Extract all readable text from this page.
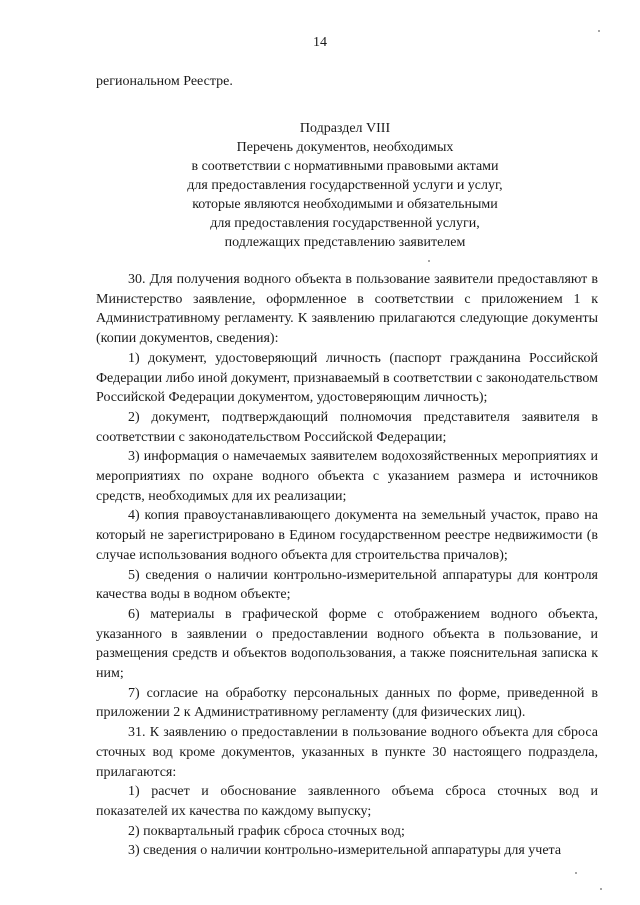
14
региональном Реестре.
Подраздел VIII
Перечень документов, необходимых
в соответствии с нормативными правовыми актами
для предоставления государственной услуги и услуг,
которые являются необходимыми и обязательными
для предоставления государственной услуги,
подлежащих представлению заявителем

30. Для получения водного объекта в пользование заявители предоставляют в Министерство заявление, оформленное в соответствии с приложением 1 к Административному регламенту. К заявлению прилагаются следующие документы (копии документов, сведения):

1) документ, удостоверяющий личность (паспорт гражданина Российской Федерации либо иной документ, признаваемый в соответствии с законодательством Российской Федерации документом, удостоверяющим личность);

2) документ, подтверждающий полномочия представителя заявителя в соответствии с законодательством Российской Федерации;

3) информация о намечаемых заявителем водохозяйственных мероприятиях и мероприятиях по охране водного объекта с указанием размера и источников средств, необходимых для их реализации;

4) копия правоустанавливающего документа на земельный участок, право на который не зарегистрировано в Едином государственном реестре недвижимости (в случае использования водного объекта для строительства причалов);

5) сведения о наличии контрольно-измерительной аппаратуры для контроля качества воды в водном объекте;

6) материалы в графической форме с отображением водного объекта, указанного в заявлении о предоставлении водного объекта в пользование, и размещения средств и объектов водопользования, а также пояснительная записка к ним;

7) согласие на обработку персональных данных по форме, приведенной в приложении 2 к Административному регламенту (для физических лиц).

31. К заявлению о предоставлении в пользование водного объекта для сброса сточных вод кроме документов, указанных в пункте 30 настоящего подраздела, прилагаются:

1) расчет и обоснование заявленного объема сброса сточных вод и показателей их качества по каждому выпуску;

2) поквартальный график сброса сточных вод;

3) сведения о наличии контрольно-измерительной аппаратуры для учета
